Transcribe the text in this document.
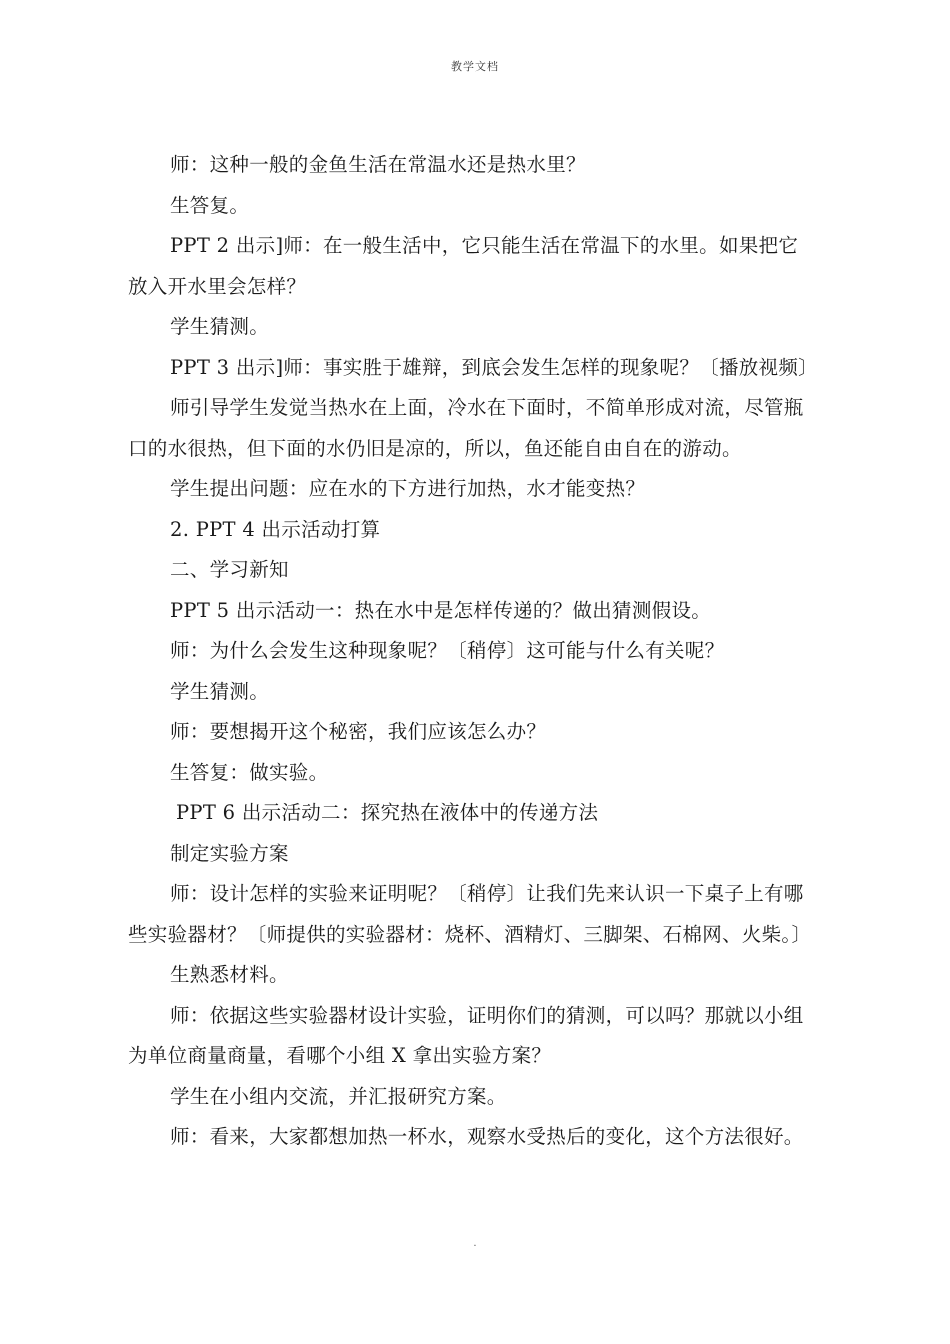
教学文档

师：这种一般的金鱼生活在常温水还是热水里？

生答复。

PPT 2 出示]师：在一般生活中，它只能生活在常温下的水里。如果把它

放入开水里会怎样？

学生猜测。

PPT 3 出示]师：事实胜于雄辩，到底会发生怎样的现象呢？〔播放视频〕

师引导学生发觉当热水在上面，冷水在下面时，不简单形成对流，尽管瓶

口的水很热，但下面的水仍旧是凉的，所以，鱼还能自由自在的游动。

学生提出问题：应在水的下方进行加热，水才能变热？

2. PPT 4 出示活动打算

二、学习新知

PPT 5 出示活动一：热在水中是怎样传递的？做出猜测假设。

师：为什么会发生这种现象呢？〔稍停〕这可能与什么有关呢？

学生猜测。

师：要想揭开这个秘密，我们应该怎么办？

生答复：做实验。

PPT 6 出示活动二：探究热在液体中的传递方法

制定实验方案

师：设计怎样的实验来证明呢？〔稍停〕让我们先来认识一下桌子上有哪

些实验器材？〔师提供的实验器材：烧杯、酒精灯、三脚架、石棉网、火柴。〕

生熟悉材料。

师：依据这些实验器材设计实验，证明你们的猜测，可以吗？那就以小组

为单位商量商量，看哪个小组 X 拿出实验方案？

学生在小组内交流，并汇报研究方案。

师：看来，大家都想加热一杯水，观察水受热后的变化，这个方法很好。

.
